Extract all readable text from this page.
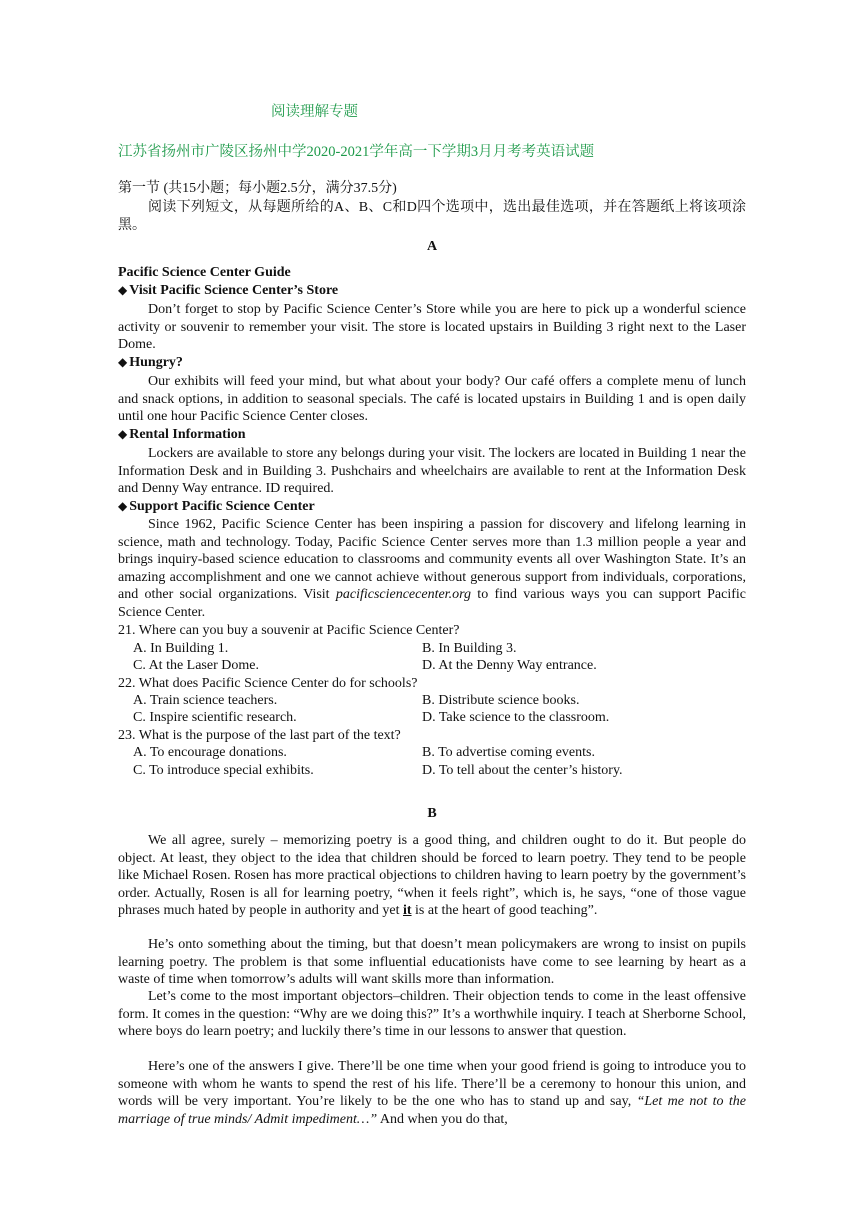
阅读理解专题
江苏省扬州市广陵区扬州中学2020-2021学年高一下学期3月月考考英语试题
第一节 (共15小题；每小题2.5分，满分37.5分)
阅读下列短文，从每题所给的A、B、C和D四个选项中，选出最佳选项，并在答题纸上将该项涂黑。
A
Pacific Science Center Guide
◆ Visit Pacific Science Center’s Store
Don’t forget to stop by Pacific Science Center’s Store while you are here to pick up a wonderful science activity or souvenir to remember your visit. The store is located upstairs in Building 3 right next to the Laser Dome.
◆ Hungry?
Our exhibits will feed your mind, but what about your body? Our café offers a complete menu of lunch and snack options, in addition to seasonal specials. The café is located upstairs in Building 1 and is open daily until one hour Pacific Science Center closes.
◆ Rental Information
Lockers are available to store any belongs during your visit. The lockers are located in Building 1 near the Information Desk and in Building 3. Pushchairs and wheelchairs are available to rent at the Information Desk and Denny Way entrance. ID required.
◆ Support Pacific Science Center
Since 1962, Pacific Science Center has been inspiring a passion for discovery and lifelong learning in science, math and technology. Today, Pacific Science Center serves more than 1.3 million people a year and brings inquiry-based science education to classrooms and community events all over Washington State. It’s an amazing accomplishment and one we cannot achieve without generous support from individuals, corporations, and other social organizations. Visit pacificsciencecenter.org to find various ways you can support Pacific Science Center.
21. Where can you buy a souvenir at Pacific Science Center?
A. In Building 1.	B. In Building 3.
C. At the Laser Dome.	D. At the Denny Way entrance.
22. What does Pacific Science Center do for schools?
A. Train science teachers.	B. Distribute science books.
C. Inspire scientific research.	D. Take science to the classroom.
23. What is the purpose of the last part of the text?
A. To encourage donations.	B. To advertise coming events.
C. To introduce special exhibits.	D. To tell about the center’s history.
B
We all agree, surely – memorizing poetry is a good thing, and children ought to do it. But people do object. At least, they object to the idea that children should be forced to learn poetry. They tend to be people like Michael Rosen. Rosen has more practical objections to children having to learn poetry by the government’s order. Actually, Rosen is all for learning poetry, “when it feels right”, which is, he says, “one of those vague phrases much hated by people in authority and yet it is at the heart of good teaching”.
He’s onto something about the timing, but that doesn’t mean policymakers are wrong to insist on pupils learning poetry. The problem is that some influential educationists have come to see learning by heart as a waste of time when tomorrow’s adults will want skills more than information.
Let’s come to the most important objectors–children. Their objection tends to come in the least offensive form. It comes in the question: “Why are we doing this?” It’s a worthwhile inquiry. I teach at Sherborne School, where boys do learn poetry; and luckily there’s time in our lessons to answer that question.
Here’s one of the answers I give. There’ll be one time when your good friend is going to introduce you to someone with whom he wants to spend the rest of his life. There’ll be a ceremony to honour this union, and words will be very important. You’re likely to be the one who has to stand up and say, “Let me not to the marriage of true minds/ Admit impediment…” And when you do that,
